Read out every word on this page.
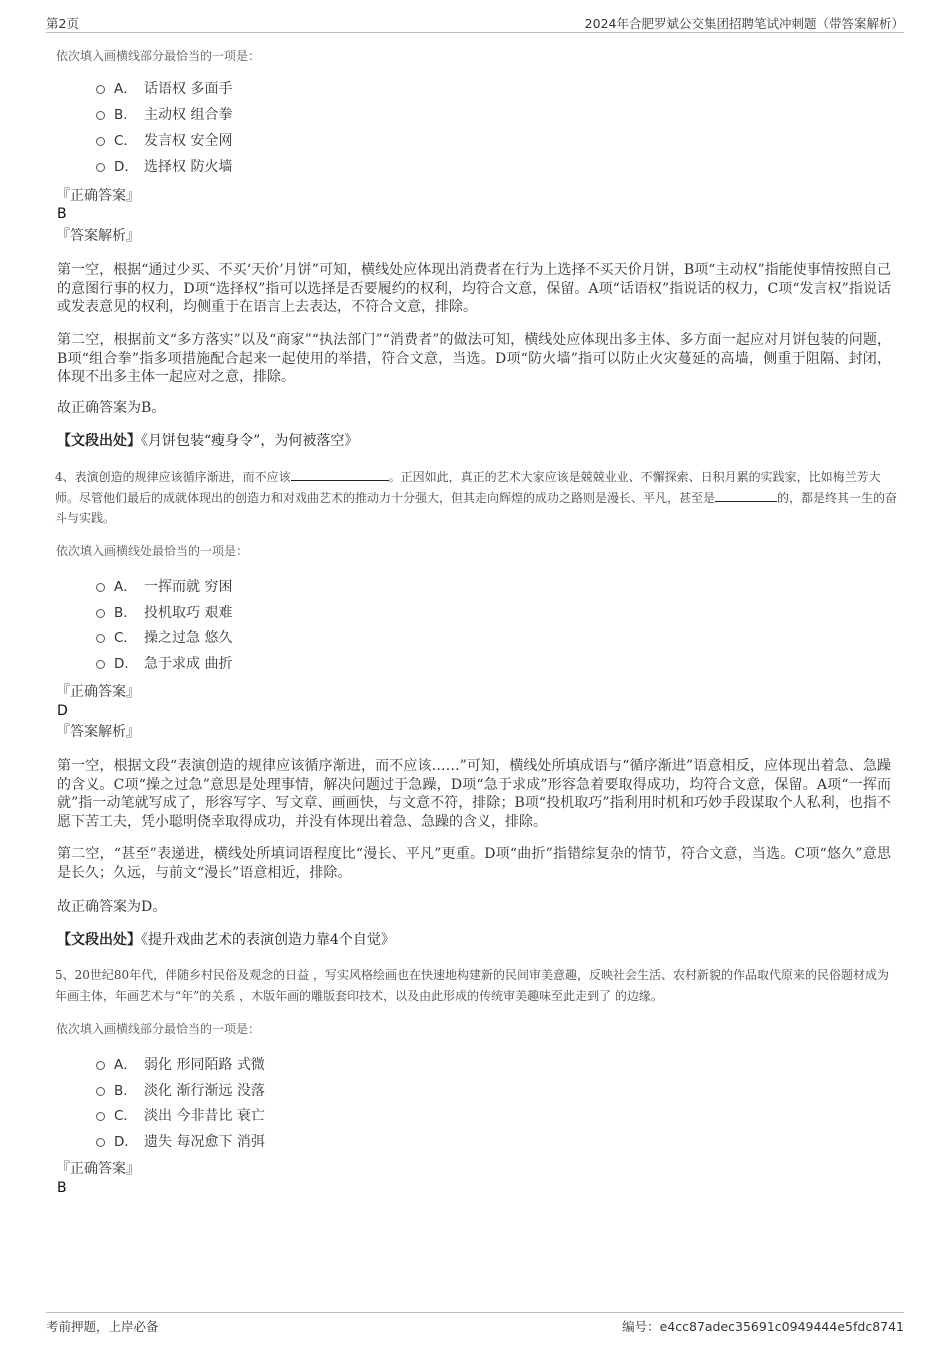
第2页	2024年合肥罗斌公交集团招聘笔试冲刺题（带答案解析）
依次填入画横线部分最恰当的一项是：
A． 话语权 多面手
B． 主动权 组合拳
C． 发言权 安全网
D． 选择权 防火墙
『正确答案』
B
『答案解析』
第一空，根据“通过少买、不买‘天价’月饼”可知，横线处应体现出消费者在行为上选择不买天价月饼，B项“主动权”指能使事情按照自己的意图行事的权力，D项“选择权”指可以选择是否要履约的权利，均符合文意，保留。A项“话语权”指说话的权力，C项“发言权”指说话或发表意见的权利，均侧重于在语言上去表达，不符合文意，排除。
第二空，根据前文“多方落实”以及“商家”“执法部门”“消费者”的做法可知，横线处应体现出多主体、多方面一起应对月饼包装的问题，B项“组合拳”指多项措施配合起来一起使用的举措，符合文意，当选。D项“防火墙”指可以防止火灾蔓延的高墙，侧重于阻隔、封闭，体现不出多主体一起应对之意，排除。
故正确答案为B。
【文段出处】《月饼包装“瘦身令”，为何被落空》
4、表演创造的规律应该循序渐进，而不应该	。正因如此，真正的艺术大家应该是兢兢业业、不懈探索、日积月累的实践家，比如梅兰芳大师。尽管他们最后的成就体现出的创造力和对戏曲艺术的推动力十分强大，但其走向辉煌的成功之路则是漫长、平凡，甚至是	的，都是终其一生的奋斗与实践。
依次填入画横线处最恰当的一项是：
A． 一挥而就 穷困
B． 投机取巧 艰难
C． 操之过急 悠久
D． 急于求成 曲折
『正确答案』
D
『答案解析』
第一空，根据文段“表演创造的规律应该循序渐进，而不应该……”可知，横线处所填成语与“循序渐进”语意相反，应体现出着急、急躁的含义。C项“操之过急”意思是处理事情，解决问题过于急躁，D项“急于求成”形容急着要取得成功，均符合文意，保留。A项“一挥而就”指一动笔就写成了，形容写字、写文章、画画快，与文意不符，排除；B项“投机取巧”指利用时机和巧妙手段谋取个人私利，也指不愿下苦工夫，凭小聪明侥幸取得成功，并没有体现出着急、急躁的含义，排除。
第二空，“甚至”表递进，横线处所填词语程度比“漫长、平凡”更重。D项“曲折”指错综复杂的情节，符合文意，当选。C项“悠久”意思是长久；久远，与前文“漫长”语意相近，排除。
故正确答案为D。
【文段出处】《提升戏曲艺术的表演创造力靠4个自觉》
5、20世纪80年代，伴随乡村民俗及观念的日益 ，写实风格绘画也在快速地构建新的民间审美意趣，反映社会生活、农村新貌的作品取代原来的民俗题材成为年画主体，年画艺术与“年”的关系 ，木版年画的雕版套印技术，以及由此形成的传统审美趣味至此走到了 的边缘。
依次填入画横线部分最恰当的一项是：
A． 弱化 形同陌路 式微
B． 淡化 渐行渐远 没落
C． 淡出 今非昔比 衰亡
D． 遗失 每况愈下 消弭
『正确答案』
B
考前押题，上岸必备	编号：e4cc87adec35691c0949444e5fdc8741
